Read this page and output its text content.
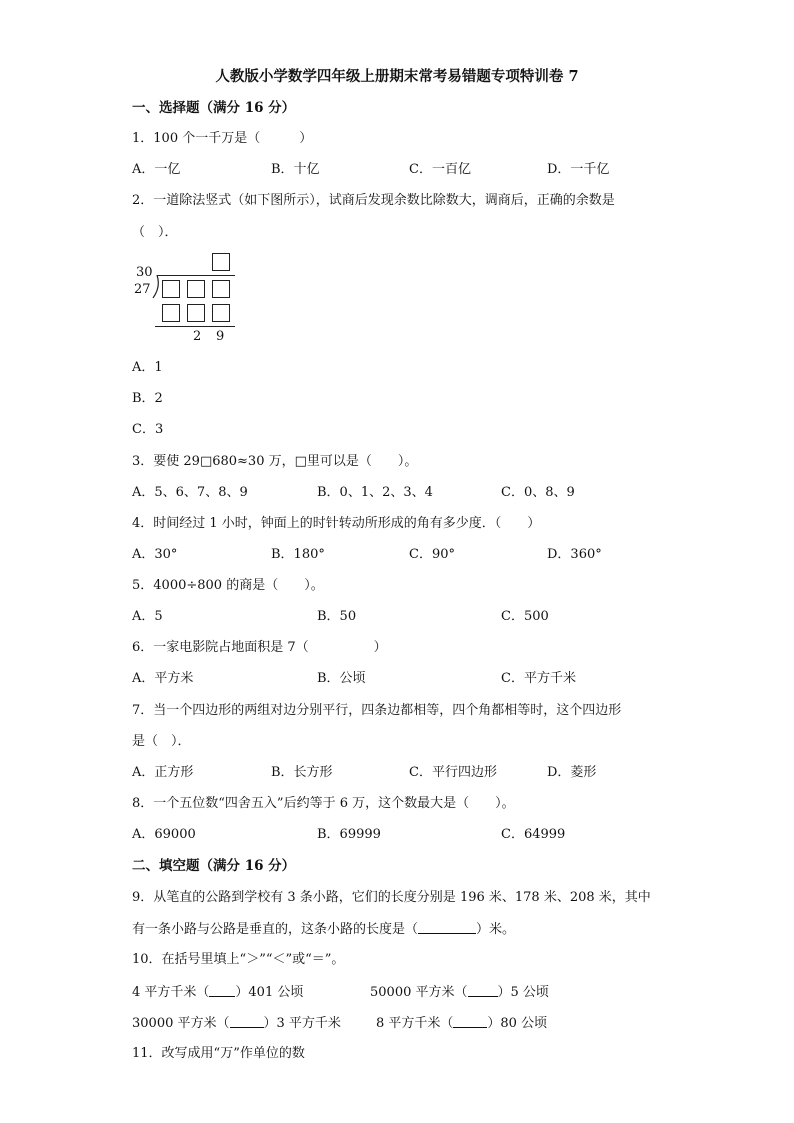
人教版小学数学四年级上册期末常考易错题专项特训卷 7
一、选择题（满分 16 分）
1．100 个一千万是（　　　）
A．一亿	B．十亿	C．一百亿	D．一千亿
2．一道除法竖式（如下图所示），试商后发现余数比除数大，调商后，正确的余数是
（　）．
30
27
2 9
A．1
B．2
C．3
3．要使 29□680≈30 万，□里可以是（　　）。
A．5、6、7、8、9	B．0、1、2、3、4	C．0、8、9
4．时间经过 1 小时，钟面上的时针转动所形成的角有多少度．（　　）
A．30°	B．180°	C．90°	D．360°
5．4000÷800 的商是（　　）。
A．5	B．50	C．500
6．一家电影院占地面积是 7（　　　　　）
A．平方米	B．公顷	C．平方千米
7．当一个四边形的两组对边分别平行，四条边都相等，四个角都相等时，这个四边形
是（　）．
A．正方形	B．长方形	C．平行四边形	D．菱形
8．一个五位数“四舍五入”后约等于 6 万，这个数最大是（　　）。
A．69000	B．69999	C．64999
二、填空题（满分 16 分）
9．从笔直的公路到学校有 3 条小路，它们的长度分别是 196 米、178 米、208 米，其中
有一条小路与公路是垂直的，这条小路的长度是（	）米。
10．在括号里填上“＞”“＜”或“＝”。
4 平方千米（ ）401 公顷	50000 平方米（ ）5 公顷
30000 平方米（	）3 平方千米	8 平方千米（	）80 公顷
11．改写成用“万”作单位的数
